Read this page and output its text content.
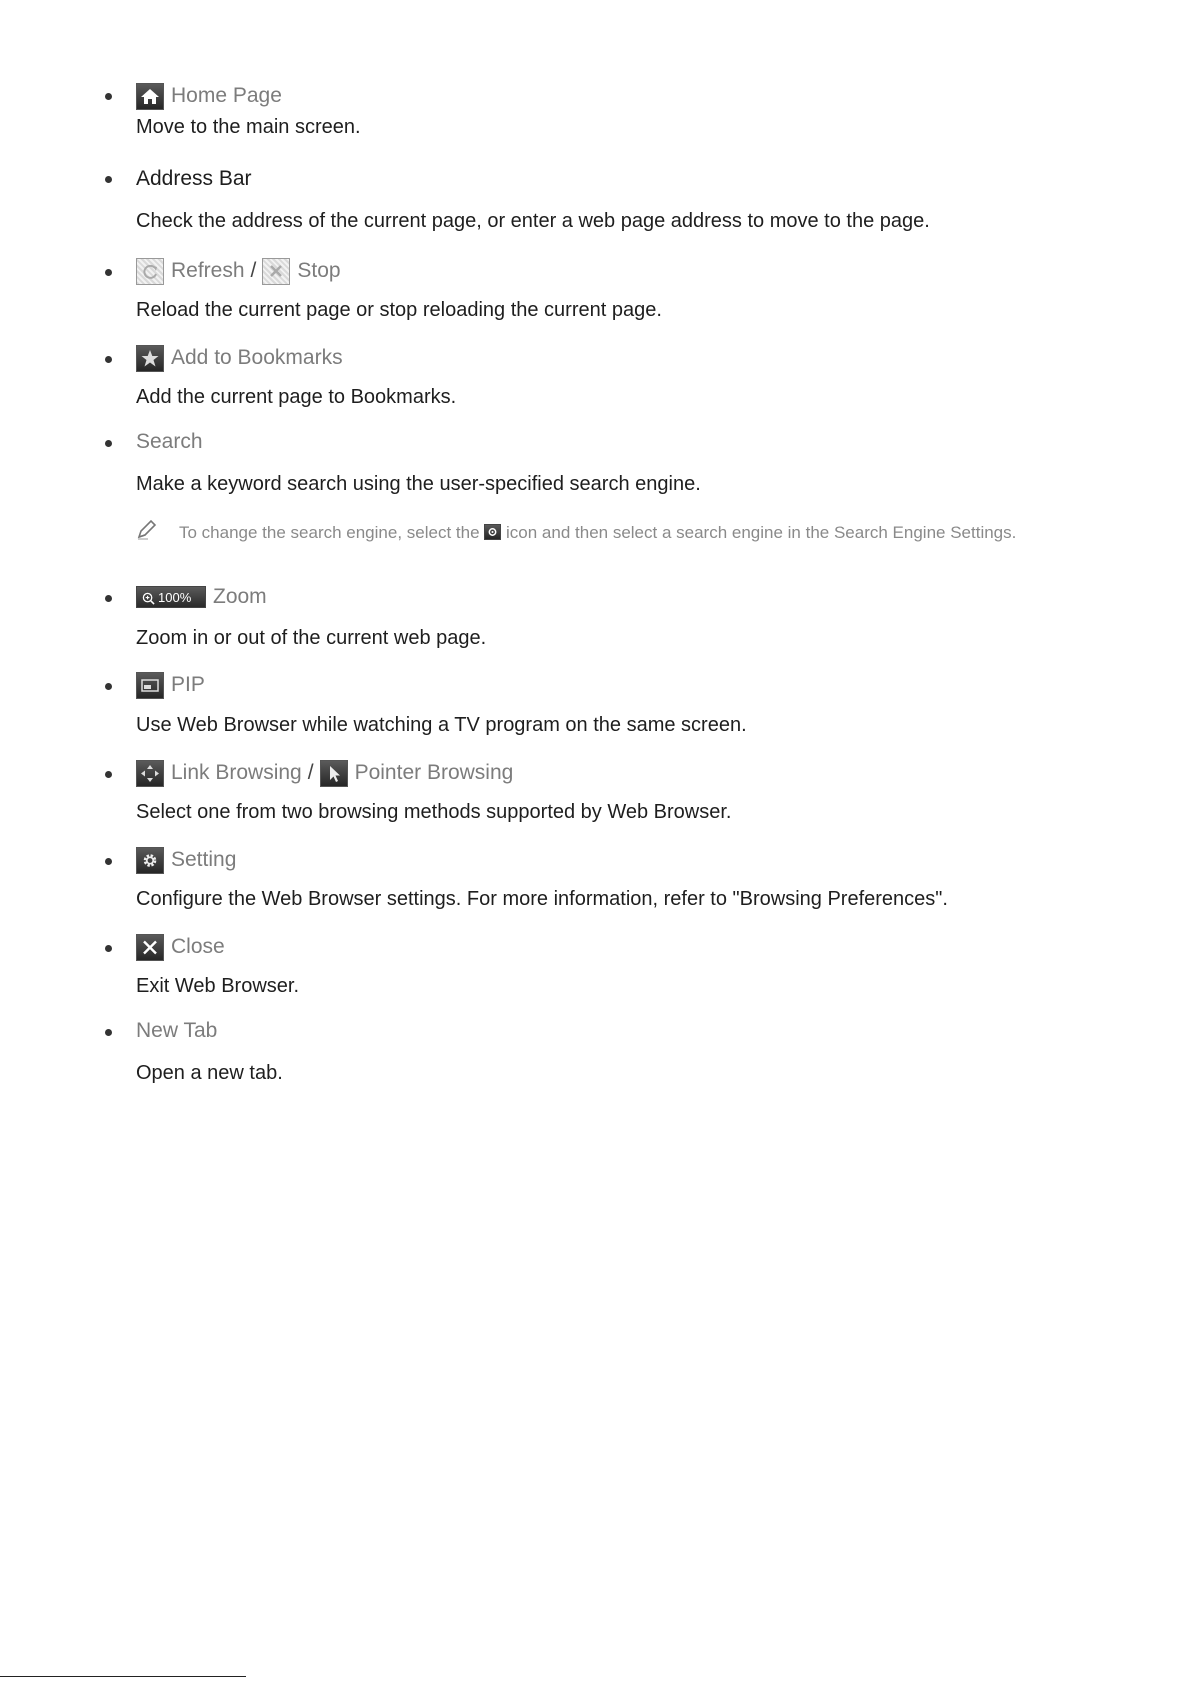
Home Page
Move to the main screen.
Address Bar
Check the address of the current page, or enter a web page address to move to the page.
Refresh / Stop
Reload the current page or stop reloading the current page.
Add to Bookmarks
Add the current page to Bookmarks.
Search
Make a keyword search using the user-specified search engine.
To change the search engine, select the icon and then select a search engine in the Search Engine Settings.
100%	Zoom
Zoom in or out of the current web page.
PIP
Use Web Browser while watching a TV program on the same screen.
Link Browsing / Pointer Browsing
Select one from two browsing methods supported by Web Browser.
Setting
Configure the Web Browser settings. For more information, refer to "Browsing Preferences".
Close
Exit Web Browser.
New Tab
Open a new tab.
